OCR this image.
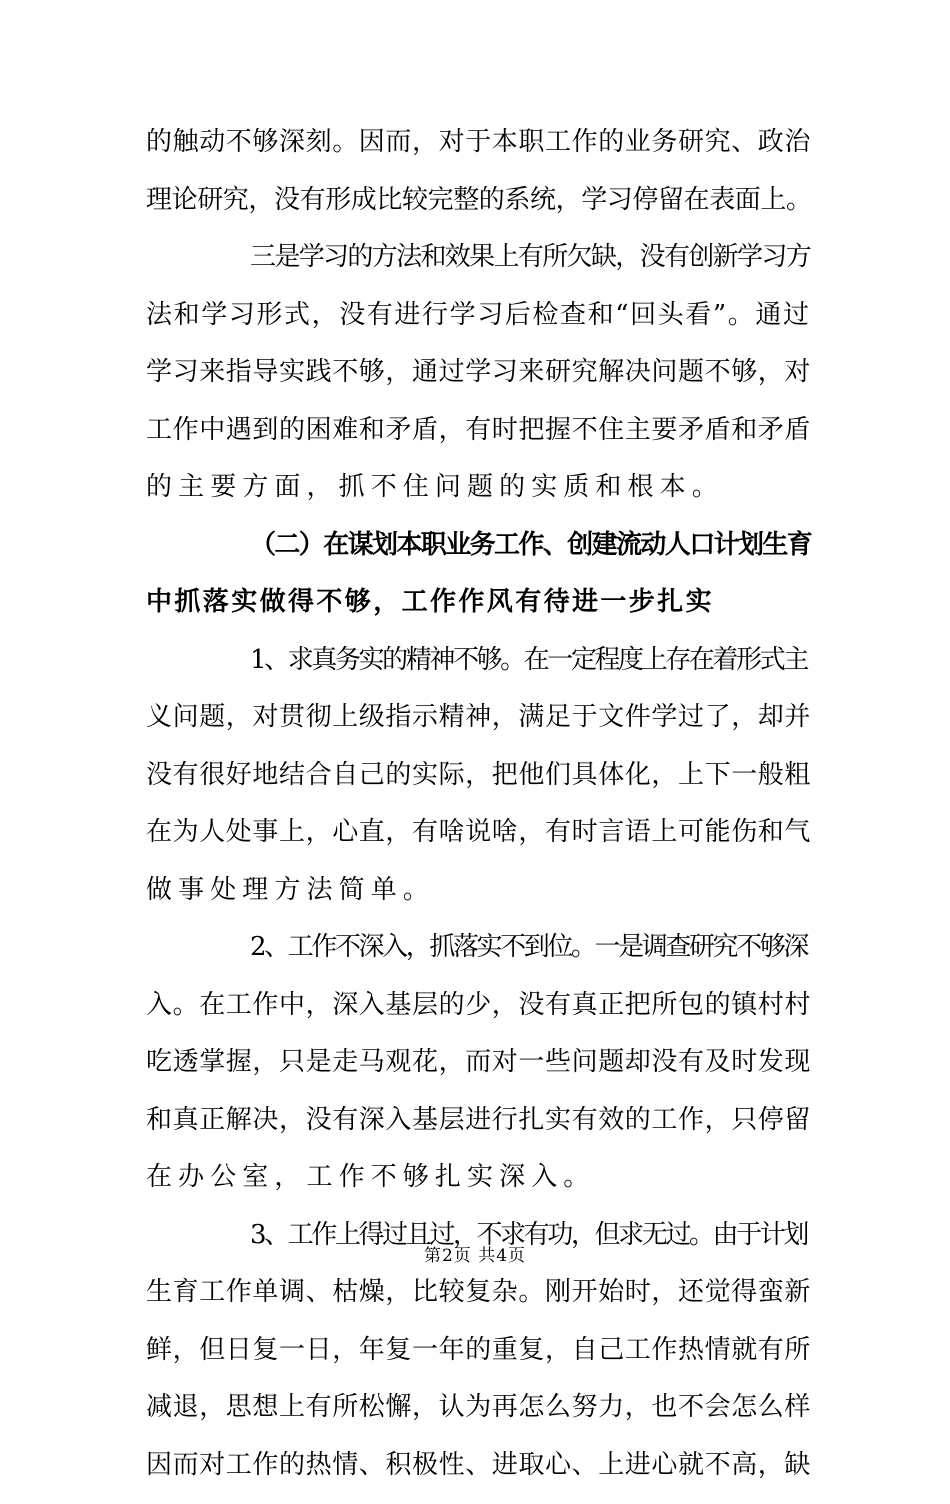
的触动不够深刻。因而，对于本职工作的业务研究、政治
理论研究，没有形成比较完整的系统，学习停留在表面上。
三是学习的方法和效果上有所欠缺，没有创新学习方
法和学习形式，没有进行学习后检查和“回头看”。通过
学习来指导实践不够，通过学习来研究解决问题不够，对
工作中遇到的困难和矛盾，有时把握不住主要矛盾和矛盾
的主要方面，抓不住问题的实质和根本。
（二）在谋划本职业务工作、创建流动人口计划生育
中抓落实做得不够，工作作风有待进一步扎实
1、求真务实的精神不够。在一定程度上存在着形式主
义问题，对贯彻上级指示精神，满足于文件学过了，却并
没有很好地结合自己的实际，把他们具体化，上下一般粗
在为人处事上，心直，有啥说啥，有时言语上可能伤和气
做事处理方法简单。
2、工作不深入，抓落实不到位。一是调查研究不够深
入。在工作中，深入基层的少，没有真正把所包的镇村村
吃透掌握，只是走马观花，而对一些问题却没有及时发现
和真正解决，没有深入基层进行扎实有效的工作，只停留
在办公室，工作不够扎实深入。
3、工作上得过且过，不求有功，但求无过。由于计划
生育工作单调、枯燥，比较复杂。刚开始时，还觉得蛮新
鲜，但日复一日，年复一年的重复，自己工作热情就有所
减退，思想上有所松懈，认为再怎么努力，也不会怎么样
因而对工作的热情、积极性、进取心、上进心就不高，缺
第2页 共4页
